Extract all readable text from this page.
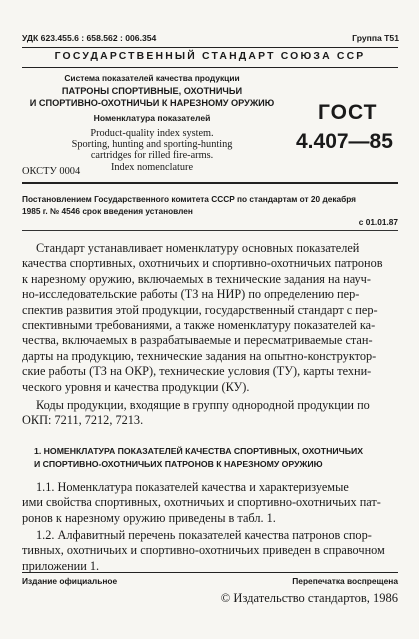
УДК 623.455.6 : 658.562 : 006.354	Группа Т51
ГОСУДАРСТВЕННЫЙ СТАНДАРТ СОЮЗА ССР
Система показателей качества продукции
ПАТРОНЫ СПОРТИВНЫЕ, ОХОТНИЧЬИ
И СПОРТИВНО-ОХОТНИЧЬИ К НАРЕЗНОМУ ОРУЖИЮ
Номенклатура показателей
Product-quality index system.
Sporting, hunting and sporting-hunting
cartridges for rilled fire-arms.
Index nomenclature
ГОСТ
4.407—85
ОКСТУ 0004
Постановлением Государственного комитета СССР по стандартам от 20 декабря
1985 г. № 4546 срок введения установлен
с 01.01.87
Стандарт устанавливает номенклатуру основных показателей
качества спортивных, охотничьих и спортивно-охотничьих патронов
к нарезному оружию, включаемых в технические задания на науч-
но-исследовательские работы (ТЗ на НИР) по определению пер-
спектив развития этой продукции, государственный стандарт с пер-
спективными требованиями, а также номенклатуру показателей ка-
чества, включаемых в разрабатываемые и пересматриваемые стан-
дарты на продукцию, технические задания на опытно-конструктор-
ские работы (ТЗ на ОКР), технические условия (ТУ), карты техни-
ческого уровня и качества продукции (КУ).
Коды продукции, входящие в группу однородной продукции по
ОКП: 7211, 7212, 7213.
1. НОМЕНКЛАТУРА ПОКАЗАТЕЛЕЙ КАЧЕСТВА СПОРТИВНЫХ, ОХОТНИЧЬИХ
И СПОРТИВНО-ОХОТНИЧЬИХ ПАТРОНОВ К НАРЕЗНОМУ ОРУЖИЮ
1.1. Номенклатура показателей качества и характеризуемые
ими свойства спортивных, охотничьих и спортивно-охотничьих пат-
ронов к нарезному оружию приведены в табл. 1.
1.2. Алфавитный перечень показателей качества патронов спор-
тивных, охотничьих и спортивно-охотничьих приведен в справочном
приложении 1.
Издание официальное	Перепечатка воспрещена
© Издательство стандартов, 1986
